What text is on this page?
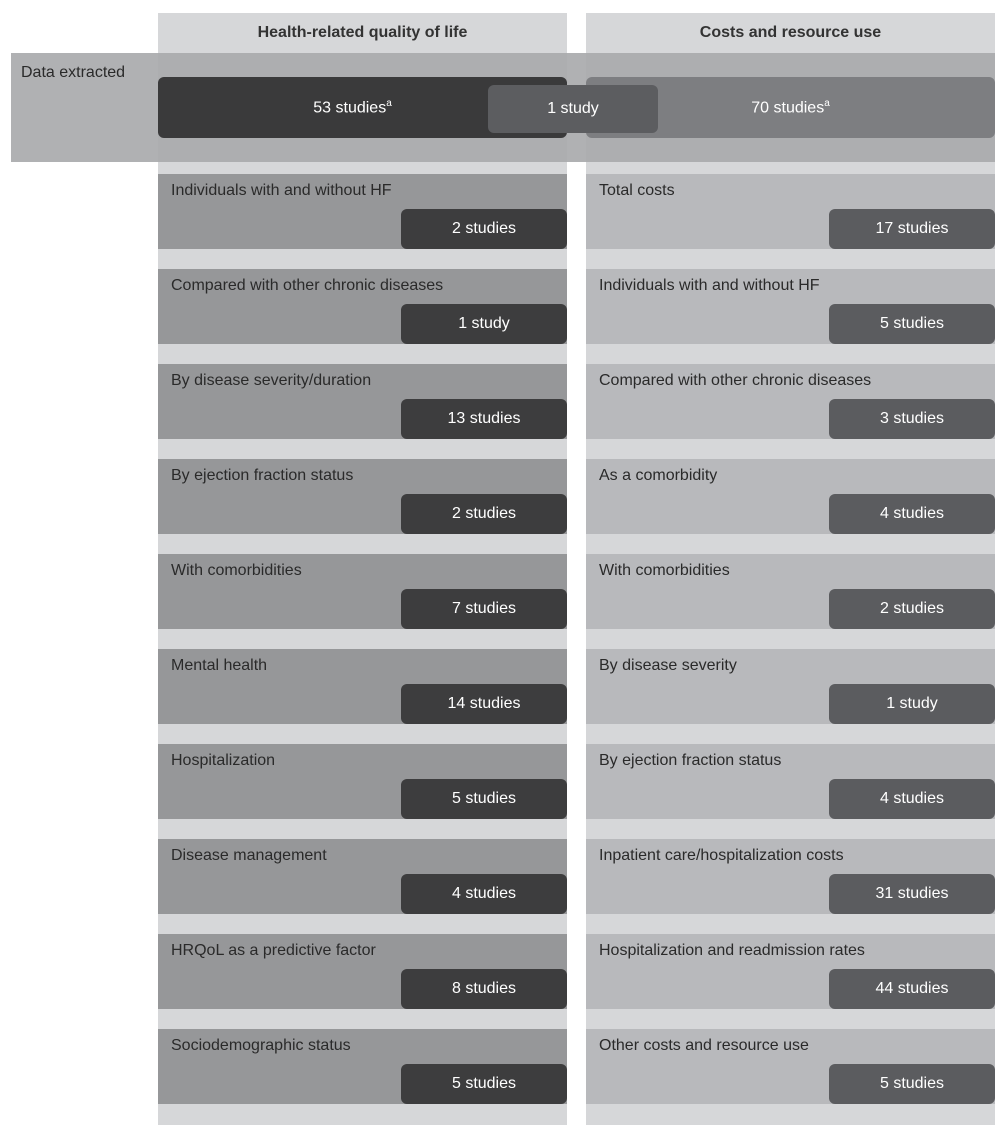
Health-related quality of life	Costs and resource use
Data extracted
53 studies$^a$	70 studies$^a$
1 study
Individuals with and without HF
2 studies
Compared with other chronic diseases
1 study
By disease severity/duration
13 studies
By ejection fraction status
2 studies
With comorbidities
7 studies
Mental health
14 studies
Hospitalization
5 studies
Disease management
4 studies
HRQoL as a predictive factor
8 studies
Sociodemographic status
5 studies
Total costs
17 studies
Individuals with and without HF
5 studies
Compared with other chronic diseases
3 studies
As a comorbidity
4 studies
With comorbidities
2 studies
By disease severity
1 study
By ejection fraction status
4 studies
Inpatient care/hospitalization costs
31 studies
Hospitalization and readmission rates
44 studies
Other costs and resource use
5 studies
